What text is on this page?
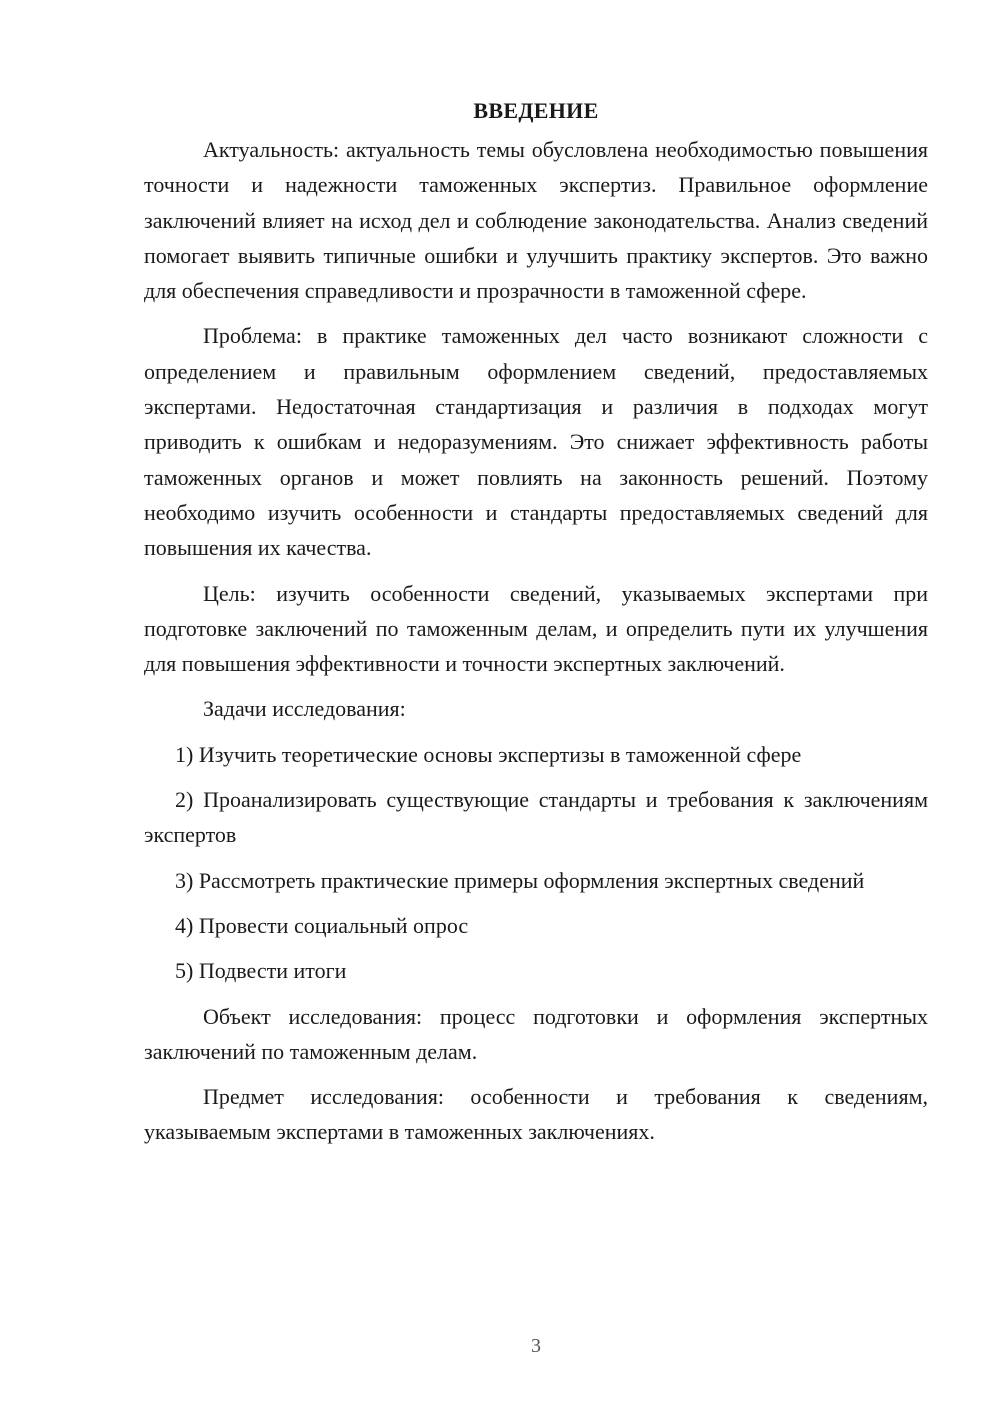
ВВЕДЕНИЕ

Актуальность: актуальность темы обусловлена необходимостью повышения точности и надежности таможенных экспертиз. Правильное оформление заключений влияет на исход дел и соблюдение законодательства. Анализ сведений помогает выявить типичные ошибки и улучшить практику экспертов. Это важно для обеспечения справедливости и прозрачности в таможенной сфере.

Проблема: в практике таможенных дел часто возникают сложности с определением и правильным оформлением сведений, предоставляемых экспертами. Недостаточная стандартизация и различия в подходах могут приводить к ошибкам и недоразумениям. Это снижает эффективность работы таможенных органов и может повлиять на законность решений. Поэтому необходимо изучить особенности и стандарты предоставляемых сведений для повышения их качества.

Цель: изучить особенности сведений, указываемых экспертами при подготовке заключений по таможенным делам, и определить пути их улучшения для повышения эффективности и точности экспертных заключений.

Задачи исследования:

1) Изучить теоретические основы экспертизы в таможенной сфере

2) Проанализировать существующие стандарты и требования к заключениям экспертов

3) Рассмотреть практические примеры оформления экспертных сведений

4) Провести социальный опрос

5) Подвести итоги

Объект исследования: процесс подготовки и оформления экспертных заключений по таможенным делам.

Предмет исследования: особенности и требования к сведениям, указываемым экспертами в таможенных заключениях.

3
